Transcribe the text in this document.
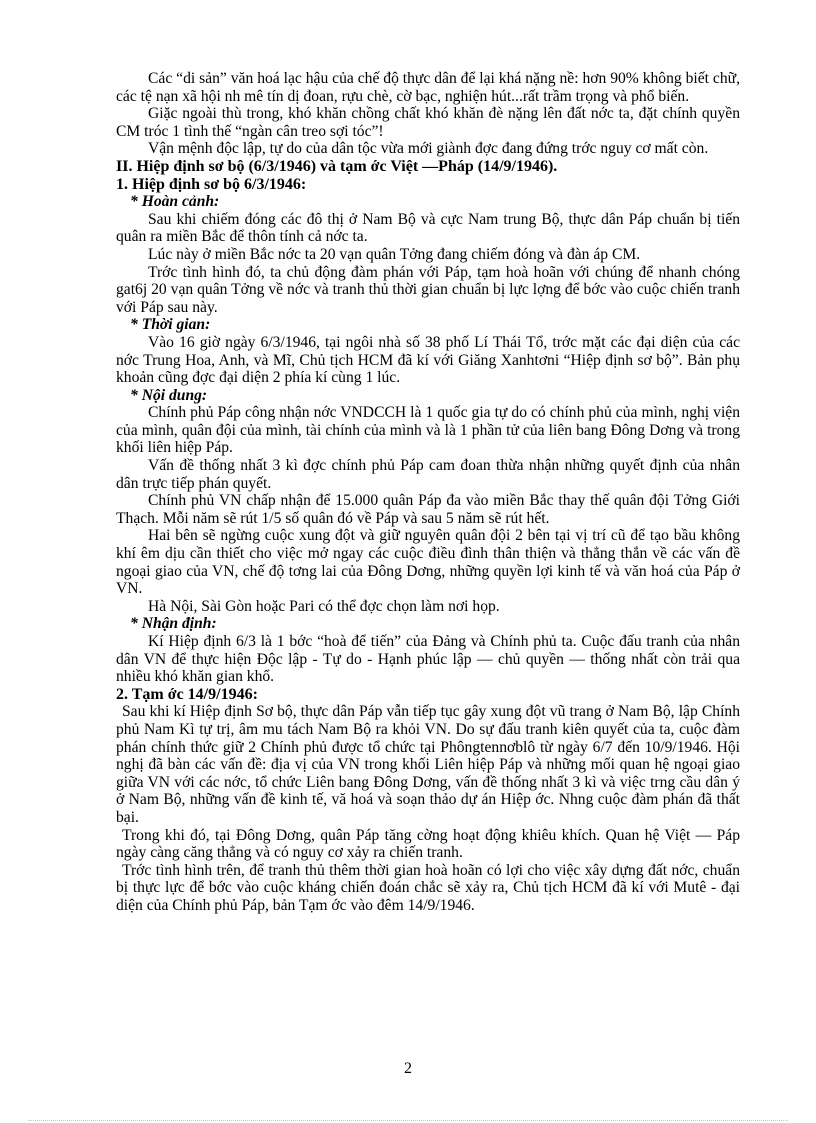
Các “di sản” văn hoá lạc hậu của chế độ thực dân để lại khá nặng nề: hơn 90% không biết chữ, các tệ nạn xã hội nh mê tín dị đoan, rựu chè, cờ bạc, nghiện hút...rất trầm trọng và phổ biến.

Giặc ngoài thù trong, khó khăn chồng chất khó khăn đè nặng lên đất nớc ta, đặt chính quyền CM tróc 1 tình thế “ngàn cân treo sợi tóc”!

Vận mệnh độc lập, tự do của dân tộc vừa mới giành đợc đang đứng trớc nguy cơ mất còn.

II. Hiệp định sơ bộ (6/3/1946) và tạm ớc Việt —Pháp (14/9/1946).

1. Hiệp định sơ bộ 6/3/1946:

* Hoàn cảnh:

Sau khi chiếm đóng các đô thị ở Nam Bộ và cực Nam trung Bộ, thực dân Páp chuẩn bị tiến quân ra miền Bắc để thôn tính cả nớc ta.

Lúc này ở miền Bắc nớc ta 20 vạn quân Tởng đang chiếm đóng và đàn áp CM.

Trớc tình hình đó, ta chủ động đàm phán với Páp, tạm hoà hoãn với chúng để nhanh chóng gat6j 20 vạn quân Tởng về nớc và tranh thủ thời gian chuẩn bị lực lợng để bớc vào cuộc chiến tranh với Páp sau này.

* Thời gian:

Vào 16 giờ ngày 6/3/1946, tại ngôi nhà số 38 phố Lí Thái Tổ, trớc mặt các đại diện của các nớc Trung Hoa, Anh, và Mĩ, Chủ tịch HCM đã kí với Giăng Xanhtơni “Hiệp định sơ bộ”. Bản phụ khoản cũng đợc đại diện 2 phía kí cùng 1 lúc.

* Nội dung:

Chính phủ Páp công nhận nớc VNDCCH là 1 quốc gia tự do có chính phủ của mình, nghị viện của mình, quân đội của mình, tài chính của mình và là 1 phần tử của liên bang Đông Dơng và trong khối liên hiệp Páp.

Vấn đề thống nhất 3 kì đợc chính phủ Páp cam đoan thừa nhận những quyết định của nhân dân trực tiếp phán quyết.

Chính phủ VN chấp nhận để 15.000 quân Páp đa vào miền Bắc thay thế quân đội Tởng Giới Thạch. Mỗi năm sẽ rút 1/5 số quân đó về Páp và sau 5 năm sẽ rút hết.

Hai bên sẽ ngừng cuộc xung đột và giữ nguyên quân đội 2 bên tại vị trí cũ để tạo bầu không khí êm dịu cần thiết cho việc mở ngay các cuộc điều đình thân thiện và thẳng thắn về các vấn đề ngoại giao của VN, chế độ tơng lai của Đông Dơng, những quyền lợi kinh tế và văn hoá của Páp ở VN.

Hà Nội, Sài Gòn hoặc Pari có thể đợc chọn làm nơi họp.

* Nhận định:

Kí Hiệp định 6/3 là 1 bớc “hoà để tiến” của Đảng và Chính phủ ta. Cuộc đấu tranh của nhân dân VN để thực hiện Độc lập - Tự do - Hạnh phúc lập — chủ quyền — thống nhất còn trải qua nhiều khó khăn gian khổ.

2. Tạm ớc 14/9/1946:

Sau khi kí Hiệp định Sơ bộ, thực dân Páp vẫn tiếp tục gây xung đột vũ trang ở Nam Bộ, lập Chính phủ Nam Kì tự trị, âm mu tách Nam Bộ ra khỏi VN. Do sự đấu tranh kiên quyết của ta, cuộc đàm phán chính thức giữ 2 Chính phủ được tổ chức tại Phôngtennơblô từ ngày 6/7 đến 10/9/1946. Hội nghị đã bàn các vấn đề: địa vị của VN trong khối Liên hiệp Páp và những mối quan hệ ngoại giao giữa VN với các nớc, tổ chức Liên bang Đông Dơng, vấn đề thống nhất 3 kì và việc trng cầu dân ý ở Nam Bộ, những vấn đề kinh tế, vă hoá và soạn thảo dự án Hiệp ớc. Nhng cuộc đàm phán đã thất bại.

Trong khi đó, tại Đông Dơng, quân Páp tăng cờng hoạt động khiêu khích. Quan hệ Việt — Páp ngày càng căng thẳng và có nguy cơ xảy ra chiến tranh.

Trớc tình hình trên, để tranh thủ thêm thời gian hoà hoãn có lợi cho việc xây dựng đất nớc, chuẩn bị thực lực để bớc vào cuộc kháng chiến đoán chắc sẽ xảy ra, Chủ tịch HCM đã kí với Mutê - đại diện của Chính phủ Páp, bản Tạm ớc vào đêm 14/9/1946.

2
